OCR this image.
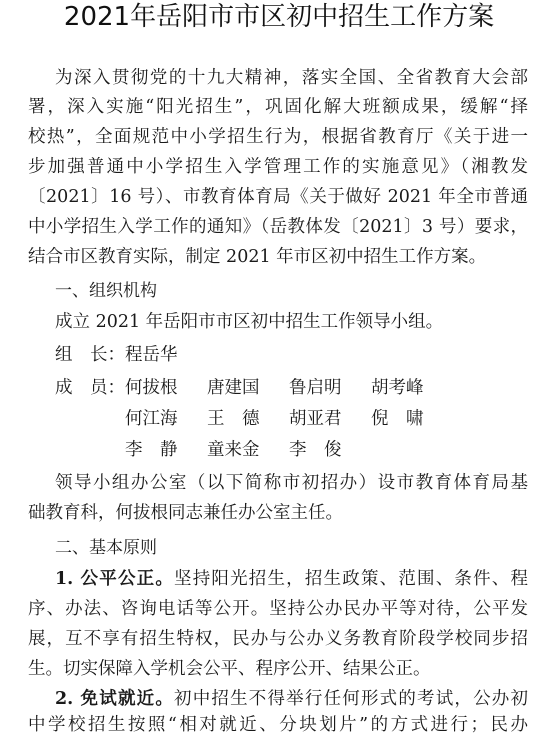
2021年岳阳市市区初中招生工作方案
为深入贯彻党的十九大精神，落实全国、全省教育大会部
署，深入实施“阳光招生”，巩固化解大班额成果，缓解“择
校热”，全面规范中小学招生行为，根据省教育厅《关于进一
步加强普通中小学招生入学管理工作的实施意见》（湘教发
〔2021〕16 号）、市教育体育局《关于做好 2021 年全市普通
中小学招生入学工作的通知》（岳教体发〔2021〕3 号）要求，
结合市区教育实际，制定 2021 年市区初中招生工作方案。
一、组织机构
成立 2021 年岳阳市市区初中招生工作领导小组。
组　长：程岳华
成　员：何拔根 唐建国 鲁启明 胡考峰
何江海 王　德 胡亚君 倪　啸
李　静 童来金 李　俊
领导小组办公室（以下简称市初招办）设市教育体育局基
础教育科，何拔根同志兼任办公室主任。
二、基本原则
1. 公平公正。坚持阳光招生，招生政策、范围、条件、程
序、办法、咨询电话等公开。坚持公办民办平等对待，公平发
展，互不享有招生特权，民办与公办义务教育阶段学校同步招
生。切实保障入学机会公平、程序公开、结果公正。
2. 免试就近。初中招生不得举行任何形式的考试，公办初
中学校招生按照“相对就近、分块划片”的方式进行；民办
